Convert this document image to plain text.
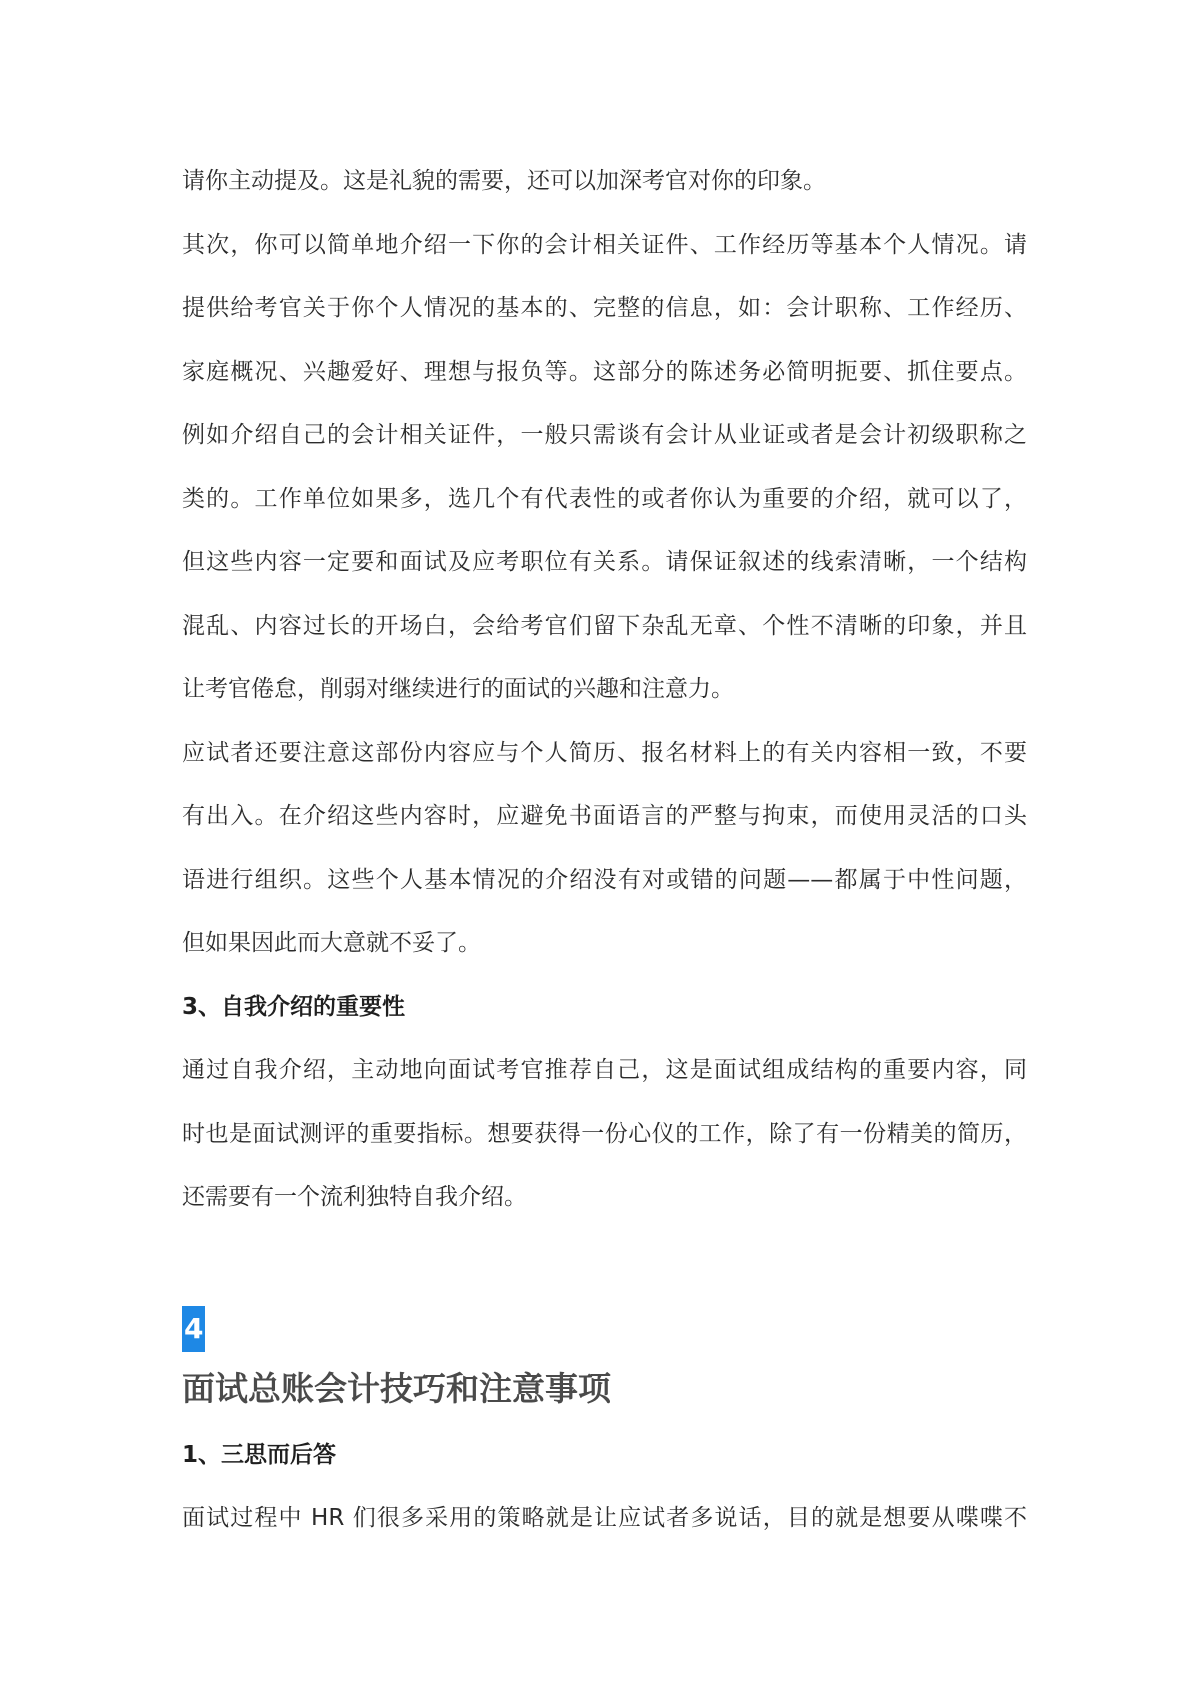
请你主动提及。这是礼貌的需要，还可以加深考官对你的印象。
其次，你可以简单地介绍一下你的会计相关证件、工作经历等基本个人情况。请
提供给考官关于你个人情况的基本的、完整的信息，如：会计职称、工作经历、
家庭概况、兴趣爱好、理想与报负等。这部分的陈述务必简明扼要、抓住要点。
例如介绍自己的会计相关证件，一般只需谈有会计从业证或者是会计初级职称之
类的。工作单位如果多，选几个有代表性的或者你认为重要的介绍，就可以了，
但这些内容一定要和面试及应考职位有关系。请保证叙述的线索清晰，一个结构
混乱、内容过长的开场白，会给考官们留下杂乱无章、个性不清晰的印象，并且
让考官倦怠，削弱对继续进行的面试的兴趣和注意力。
应试者还要注意这部份内容应与个人简历、报名材料上的有关内容相一致，不要
有出入。在介绍这些内容时，应避免书面语言的严整与拘束，而使用灵活的口头
语进行组织。这些个人基本情况的介绍没有对或错的问题——都属于中性问题，
但如果因此而大意就不妥了。
3、自我介绍的重要性
通过自我介绍，主动地向面试考官推荐自己，这是面试组成结构的重要内容，同
时也是面试测评的重要指标。想要获得一份心仪的工作，除了有一份精美的简历，
还需要有一个流利独特自我介绍。
4
面试总账会计技巧和注意事项
1、三思而后答
面试过程中 HR 们很多采用的策略就是让应试者多说话，目的就是想要从喋喋不
